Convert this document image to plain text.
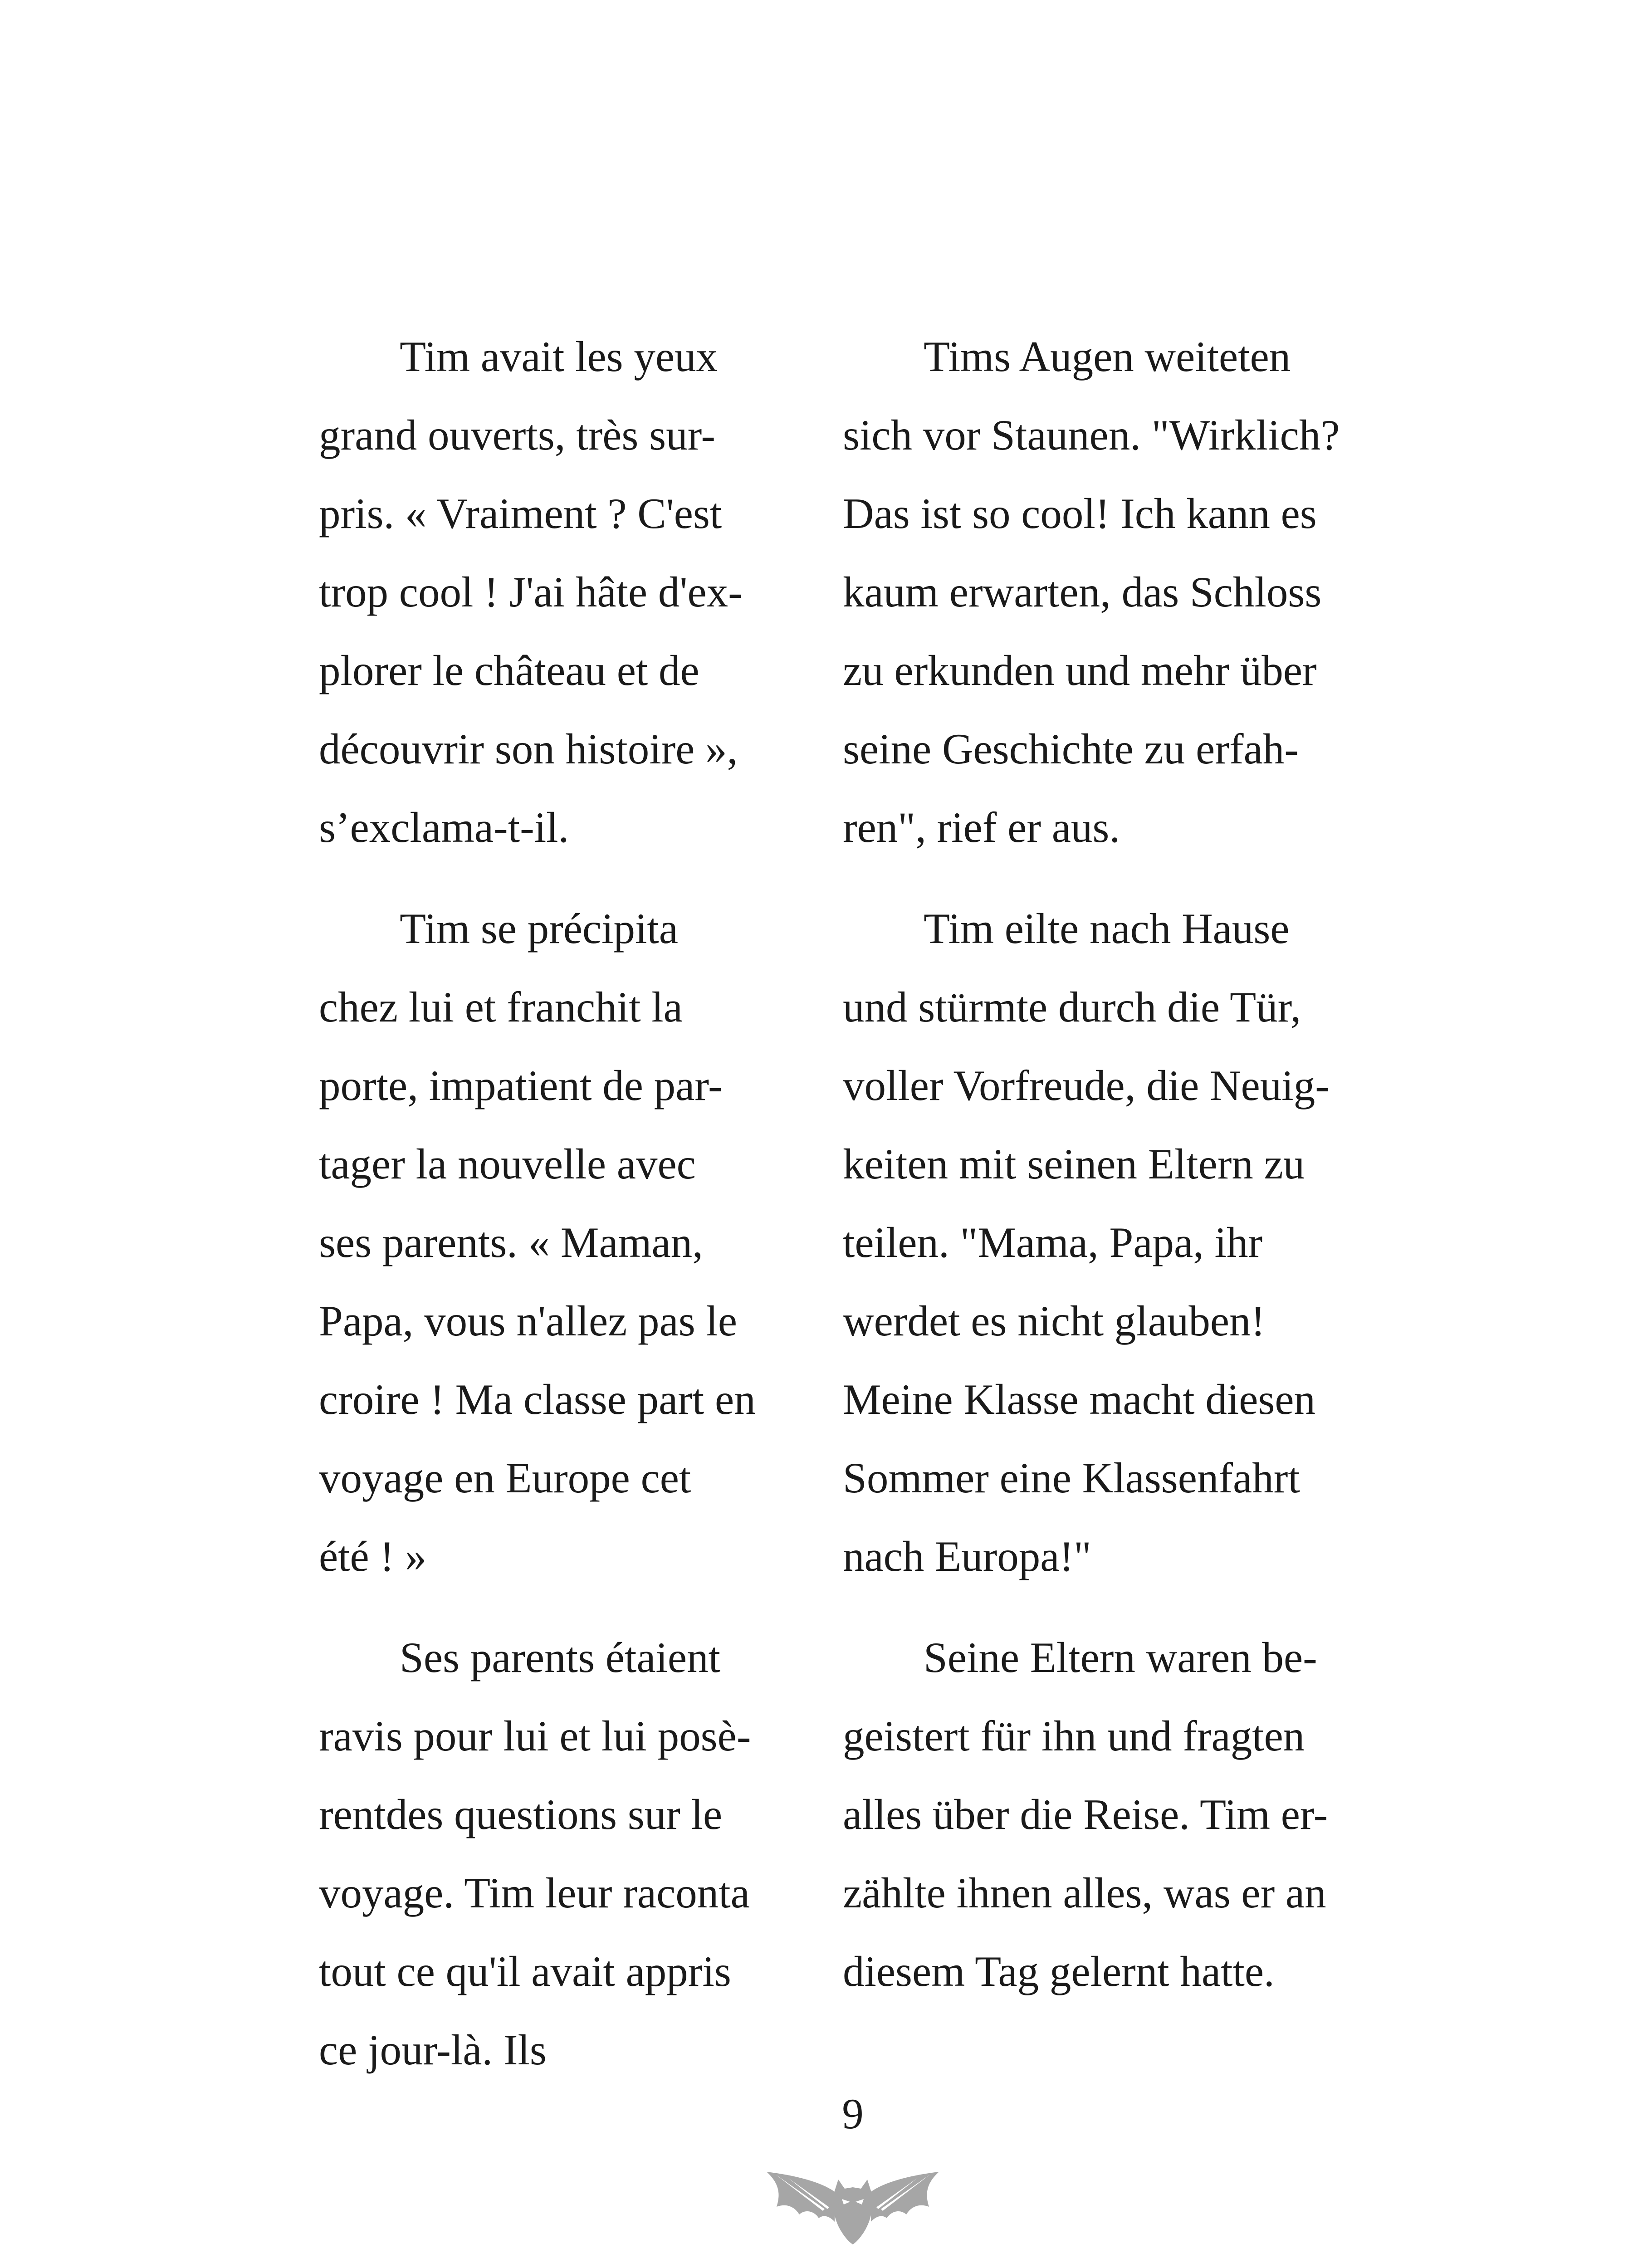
Tim avait les yeux
grand ouverts, très sur-
pris. « Vraiment ? C'est
trop cool ! J'ai hâte d'ex-
plorer le château et de
découvrir son histoire »,
s’exclama-t-il.
Tim se précipita
chez lui et franchit la
porte, impatient de par-
tager la nouvelle avec
ses parents. « Maman,
Papa, vous n'allez pas le
croire ! Ma classe part en
voyage en Europe cet
été ! »
Ses parents étaient
ravis pour lui et lui posè-
rentdes questions sur le
voyage. Tim leur raconta
tout ce qu'il avait appris
ce jour-là. Ils
Tims Augen weiteten
sich vor Staunen. "Wirklich?
Das ist so cool! Ich kann es
kaum erwarten, das Schloss
zu erkunden und mehr über
seine Geschichte zu erfah-
ren", rief er aus.
Tim eilte nach Hause
und stürmte durch die Tür,
voller Vorfreude, die Neuig-
keiten mit seinen Eltern zu
teilen. "Mama, Papa, ihr
werdet es nicht glauben!
Meine Klasse macht diesen
Sommer eine Klassenfahrt
nach Europa!"
Seine Eltern waren be-
geistert für ihn und fragten
alles über die Reise. Tim er-
zählte ihnen alles, was er an
diesem Tag gelernt hatte.
9
